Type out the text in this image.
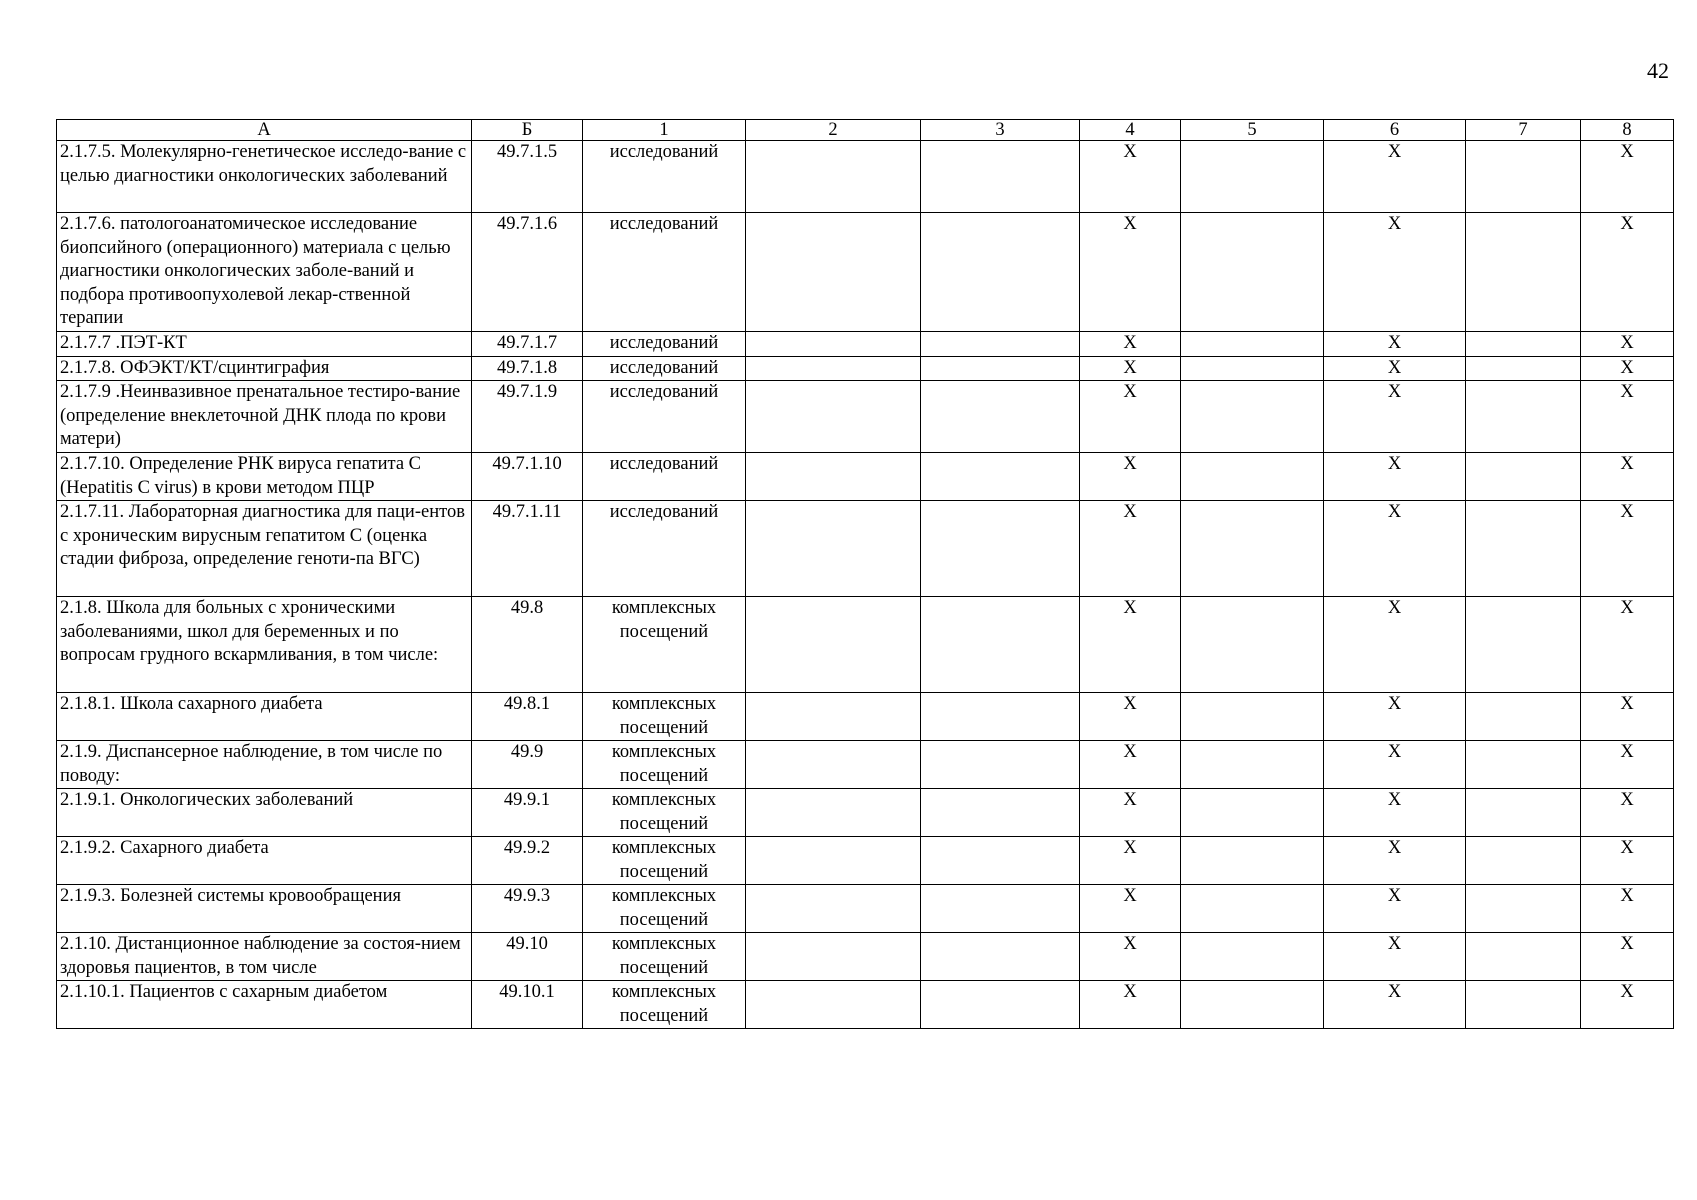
42
А	Б	1	2	3	4	5	6	7	8
2.1.7.5. Молекулярно-генетическое исследо-вание с целью диагностики онкологических заболеваний	49.7.1.5	исследований			X		X		X
2.1.7.6. патологоанатомическое исследование биопсийного (операционного) материала с целью диагностики онкологических заболе-ваний и подбора противоопухолевой лекар-ственной терапии	49.7.1.6	исследований			X		X		X
2.1.7.7 .ПЭТ-КТ	49.7.1.7	исследований			X		X		X
2.1.7.8. ОФЭКТ/КТ/сцинтиграфия	49.7.1.8	исследований			X		X		X
2.1.7.9 .Неинвазивное пренатальное тестиро-вание (определение внеклеточной ДНК плода по крови матери)	49.7.1.9	исследований			X		X		X
2.1.7.10. Определение РНК вируса гепатита С (Hepatitis С virus) в крови методом ПЦР	49.7.1.10	исследований			X		X		X
2.1.7.11. Лабораторная диагностика для паци-ентов с хроническим вирусным гепатитом С (оценка стадии фиброза, определение геноти-па ВГС)	49.7.1.11	исследований			X		X		X
2.1.8. Школа для больных с хроническими заболеваниями, школ для беременных и по вопросам грудного вскармливания, в том числе:	49.8	комплексных посещений			X		X		X
2.1.8.1. Школа сахарного диабета	49.8.1	комплексных посещений			X		X		X
2.1.9. Диспансерное наблюдение, в том числе по поводу:	49.9	комплексных посещений			X		X		X
2.1.9.1. Онкологических заболеваний	49.9.1	комплексных посещений			X		X		X
2.1.9.2. Сахарного диабета	49.9.2	комплексных посещений			X		X		X
2.1.9.3. Болезней системы кровообращения	49.9.3	комплексных посещений			X		X		X
2.1.10. Дистанционное наблюдение за состоя-нием здоровья пациентов, в том числе	49.10	комплексных посещений			X		X		X
2.1.10.1. Пациентов с сахарным диабетом	49.10.1	комплексных посещений			X		X		X
